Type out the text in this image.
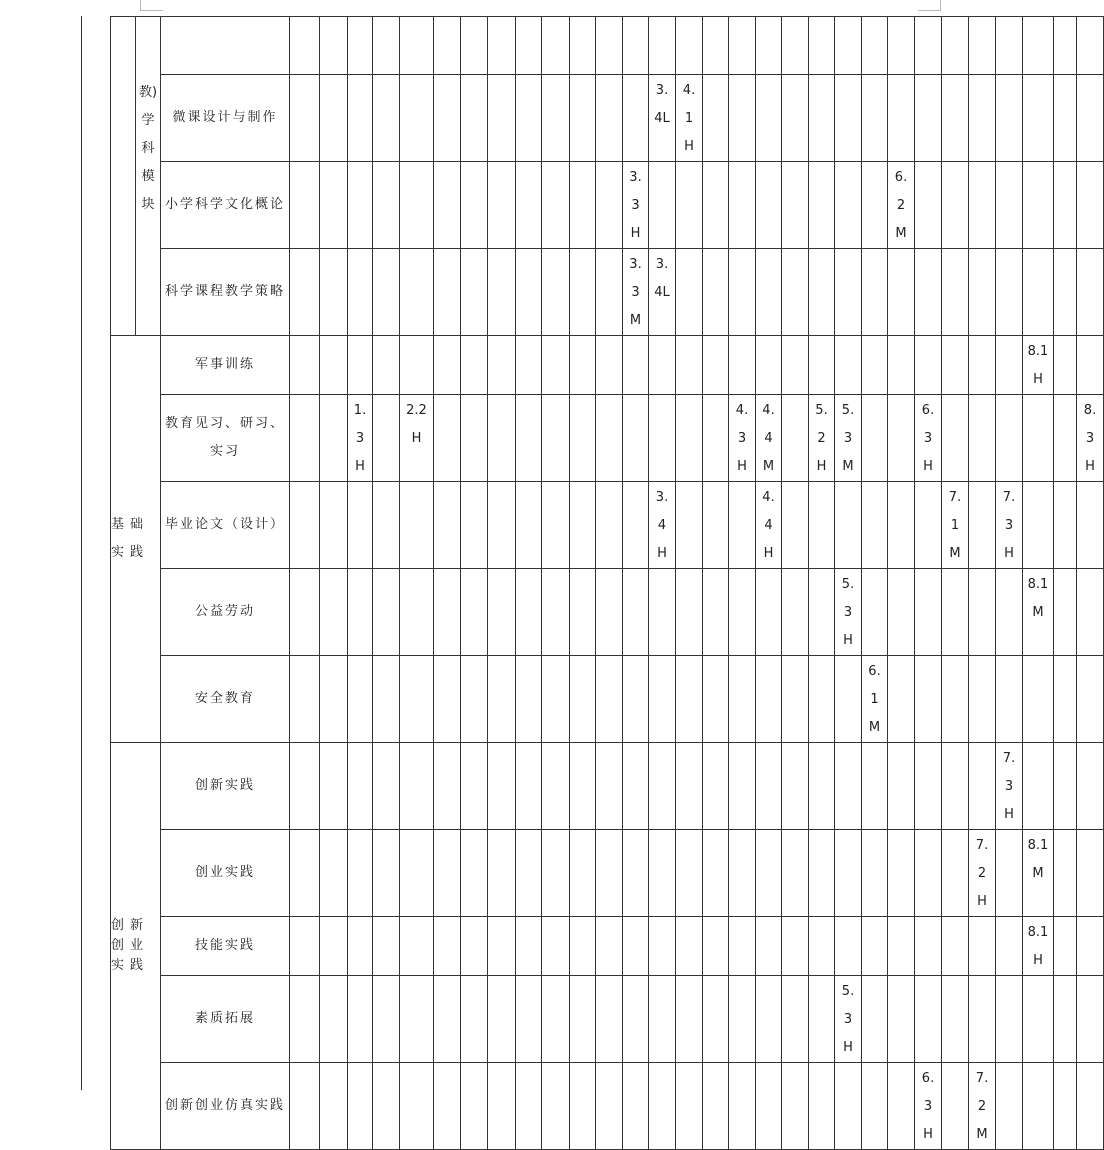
	教)学科模块																															
		微课设计与制作														3.4L	4.1H															
		小学科学文化概论													3.3H										6.2M							
		科学课程教学策略													3.3M	3.4L																
基础实践		军事训练																												8.1H		
		教育见习、研习、实习			1.3H		2.2H												4.3H	4.4M		5.2H	5.3M			6.3H						8.3H
		毕业论文（设计）														3.4H				4.4H							7.1M		7.3H			
		公益劳动																					5.3H							8.1M		
		安全教育																						6.1M								
创新创业实践		创新实践																											7.3H			
		创业实践																										7.2H		8.1M		
		技能实践																												8.1H		
		素质拓展																					5.3H									
		创新创业仿真实践																								6.3H		7.2M				
